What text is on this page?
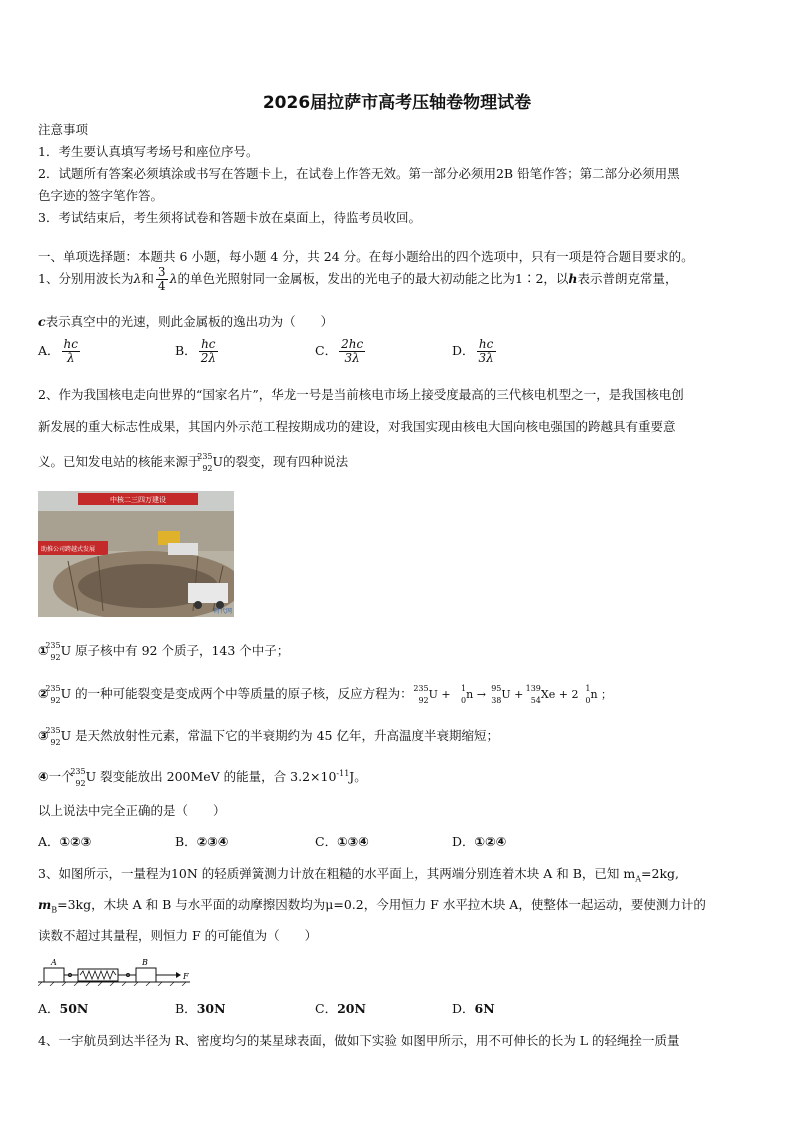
2026届拉萨市高考压轴卷物理试卷
注意事项
1．考生要认真填写考场号和座位序号。
2．试题所有答案必须填涂或书写在答题卡上，在试卷上作答无效。第一部分必须用2B 铅笔作答；第二部分必须用黑
色字迹的签字笔作答。
3．考试结束后，考生须将试卷和答题卡放在桌面上，待监考员收回。
一、单项选择题：本题共 6 小题，每小题 4 分，共 24 分。在每小题给出的四个选项中，只有一项是符合题目要求的。
1、分别用波长为λ和 $\frac{3}{4}$ λ的单色光照射同一金属板，发出的光电子的最大初动能之比为1∶2，以h表示普朗克常量，
c表示真空中的光速，则此金属板的逸出功为（　　）
A． $\frac{hc}{\lambda}$	B． $\frac{hc}{2\lambda}$	C． $\frac{2hc}{3\lambda}$	D． $\frac{hc}{3\lambda}$
2、作为我国核电走向世界的“国家名片”，华龙一号是当前核电市场上接受度最高的三代核电机型之一，是我国核电创
新发展的重大标志性成果，其国内外示范工程按期成功的建设，对我国实现由核电大国向核电强国的跨越具有重要意
义。已知发电站的核能来源于
235
92 U的裂变，现有四种说法
中核二三四万建设
助推公司跨越式发展
时代网
①
235
92 U 原子核中有 92 个质子，143 个中子；
②
235
92 U 的一种可能裂变是变成两个中等质量的原子核，反应方程为： 235
92 U + 1
0 n → 95
38 U +
139
54 Xe + 2 1
0 n ；
③
235
92 U 是天然放射性元素，常温下它的半衰期约为 45 亿年，升高温度半衰期缩短；
④一个
235
92 U 裂变能放出 200MeV 的能量，合 $3.2\times 10^{-11}J$。
以上说法中完全正确的是（　　）
A．①②③	B．②③④	C．①③④	D．①②④
3、如图所示，一量程为10N 的轻质弹簧测力计放在粗糙的水平面上，其两端分别连着木块 A 和 B，已知 $m_A=2kg$,
$m_B=3kg$，木块 A 和 B 与水平面的动摩擦因数均为μ=0.2，今用恒力 F 水平拉木块 A，使整体一起运动，要使测力计的
读数不超过其量程，则恒力 F 的可能值为（　　）
A	B
F
A．50N	B．30N	C．20N	D．6N
4、一宇航员到达半径为 R、密度均匀的某星球表面，做如下实验 如图甲所示，用不可伸长的长为 L 的轻绳拴一质量
